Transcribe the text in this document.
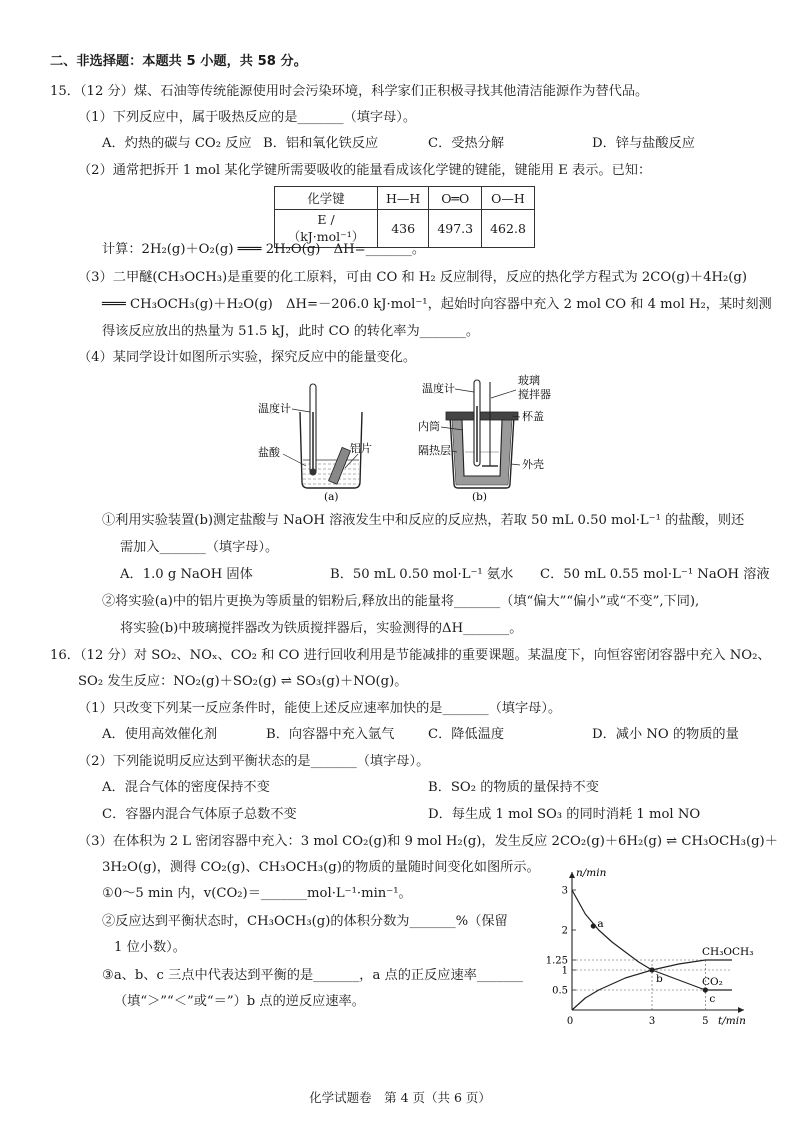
二、非选择题：本题共 5 小题，共 58 分。
15．（12 分）煤、石油等传统能源使用时会污染环境，科学家们正积极寻找其他清洁能源作为替代品。
（1）下列反应中，属于吸热反应的是_______（填字母）。
A．灼热的碳与 CO₂ 反应 B．铝和氧化铁反应	C．受热分解	D．锌与盐酸反应
（2）通常把拆开 1 mol 某化学键所需要吸收的能量看成该化学键的键能，键能用 E 表示。已知：
化学键	H—H	O═O	O—H
E /（kJ·mol⁻¹）	436	497.3	462.8
计算：2H₂(g)＋O₂(g) ═══ 2H₂O(g)　ΔH=_______。
（3）二甲醚(CH₃OCH₃)是重要的化工原料，可由 CO 和 H₂ 反应制得，反应的热化学方程式为 2CO(g)＋4H₂(g)
═══ CH₃OCH₃(g)＋H₂O(g)　ΔH=－206.0 kJ·mol⁻¹，起始时向容器中充入 2 mol CO 和 4 mol H₂，某时刻测
得该反应放出的热量为 51.5 kJ，此时 CO 的转化率为_______。
（4）某同学设计如图所示实验，探究反应中的能量变化。
温度计
盐酸	铝片
(a)
温度计
玻璃
搅拌器
杯盖
内筒
隔热层
外壳
(b)
①利用实验装置(b)测定盐酸与 NaOH 溶液发生中和反应的反应热，若取 50 mL 0.50 mol·L⁻¹ 的盐酸，则还
需加入_______（填字母）。
A．1.0 g NaOH 固体	B．50 mL 0.50 mol·L⁻¹ 氨水 C．50 mL 0.55 mol·L⁻¹ NaOH 溶液
②将实验(a)中的铝片更换为等质量的铝粉后,释放出的能量将_______（填“偏大”“偏小”或“不变”,下同),
将实验(b)中玻璃搅拌器改为铁质搅拌器后，实验测得的ΔH_______。
16．（12 分）对 SO₂、NOₓ、CO₂ 和 CO 进行回收利用是节能减排的重要课题。某温度下，向恒容密闭容器中充入 NO₂、
SO₂ 发生反应：NO₂(g)＋SO₂(g) ⇌ SO₃(g)＋NO(g)。
（1）只改变下列某一反应条件时，能使上述反应速率加快的是_______（填字母）。
A．使用高效催化剂	B．向容器中充入氩气	C．降低温度	D．减小 NO 的物质的量
（2）下列能说明反应达到平衡状态的是_______（填字母）。
A．混合气体的密度保持不变	B．SO₂ 的物质的量保持不变
C．容器内混合气体原子总数不变	D．每生成 1 mol SO₃ 的同时消耗 1 mol NO
（3）在体积为 2 L 密闭容器中充入：3 mol CO₂(g)和 9 mol H₂(g)，发生反应 2CO₂(g)＋6H₂(g) ⇌ CH₃OCH₃(g)＋
3H₂O(g)，测得 CO₂(g)、CH₃OCH₃(g)的物质的量随时间变化如图所示。
①0～5 min 内，v(CO₂)＝_______mol·L⁻¹·min⁻¹。
②反应达到平衡状态时，CH₃OCH₃(g)的体积分数为_______%（保留
1 位小数）。
③a、b、c 三点中代表达到平衡的是_______，a 点的正反应速率_______
（填“＞”“＜”或“＝”）b 点的逆反应速率。
n/min
t/min
3
2
1.25
1
0.5
0	3	5
CO₂
CH₃OCH₃
a
b
c
化学试题卷　第 4 页（共 6 页）
